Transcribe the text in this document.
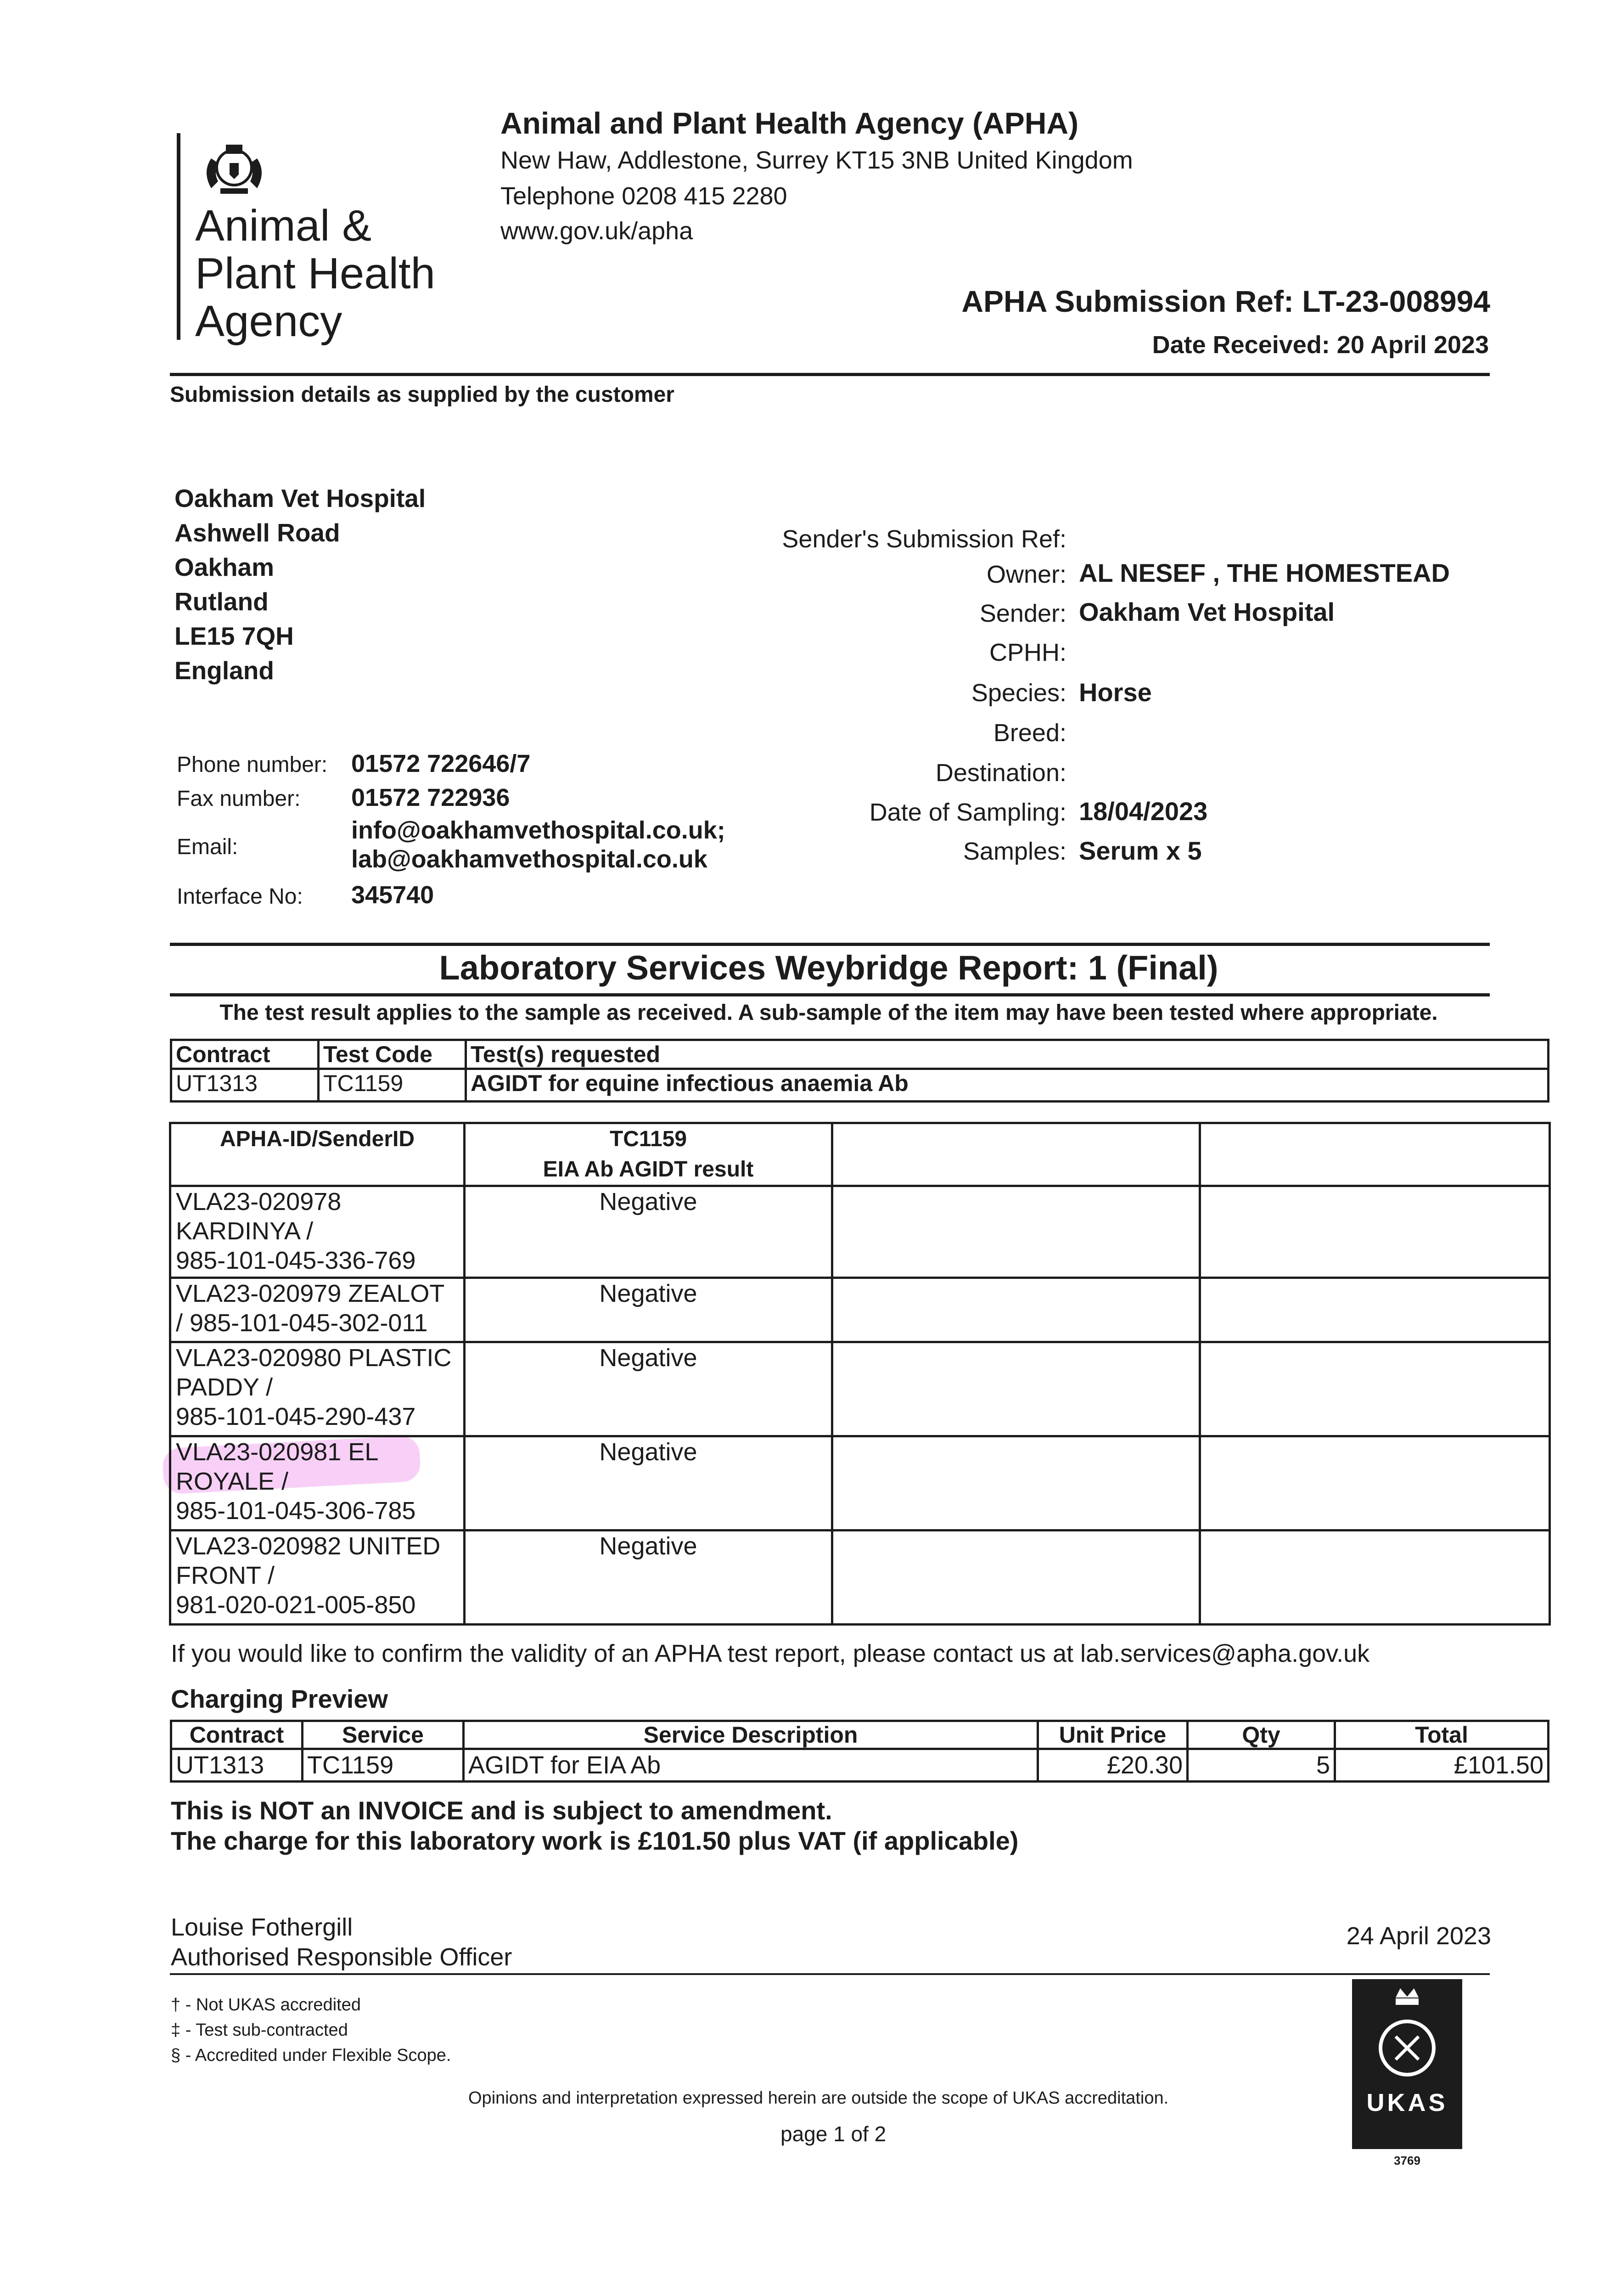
Animal &
Plant Health
Agency
Animal and Plant Health Agency (APHA)
New Haw, Addlestone, Surrey KT15 3NB United Kingdom
Telephone 0208 415 2280
www.gov.uk/apha
APHA Submission Ref: LT-23-008994
Date Received: 20 April 2023
Submission details as supplied by the customer
Oakham Vet Hospital
Ashwell Road
Oakham
Rutland
LE15 7QH
England
Phone number: 01572 722646/7
Fax number: 01572 722936
Email:
info@oakhamvethospital.co.uk;
lab@oakhamvethospital.co.uk
Interface No: 345740
Sender's Submission Ref:
Owner: AL NESEF , THE HOMESTEAD
Sender: Oakham Vet Hospital
CPHH:
Species: Horse
Breed:
Destination:
Date of Sampling: 18/04/2023
Samples: Serum x 5
Laboratory Services Weybridge Report: 1 (Final)
The test result applies to the sample as received. A sub-sample of the item may have been tested where appropriate.
Contract	Test Code	Test(s) requested
UT1313	TC1159	AGIDT for equine infectious anaemia Ab
APHA-ID/SenderID	TC1159
EIA Ab AGIDT result		

VLA23-020978
KARDINYA /
985-101-045-336-769	Negative		

VLA23-020979 ZEALOT
/ 985-101-045-302-011	Negative		

VLA23-020980 PLASTIC
PADDY /
985-101-045-290-437	Negative		

VLA23-020981 EL
ROYALE /
985-101-045-306-785	Negative		

VLA23-020982 UNITED
FRONT /
981-020-021-005-850	Negative		
If you would like to confirm the validity of an APHA test report, please contact us at lab.services@apha.gov.uk
Charging Preview
Contract	Service	Service Description	Unit Price	Qty	Total
UT1313	TC1159	AGIDT for EIA Ab	£20.30	5	£101.50
This is NOT an INVOICE and is subject to amendment.
The charge for this laboratory work is £101.50 plus VAT (if applicable)
Louise Fothergill
Authorised Responsible Officer
24 April 2023
† - Not UKAS accredited
‡ - Test sub-contracted
§ - Accredited under Flexible Scope.
Opinions and interpretation expressed herein are outside the scope of UKAS accreditation.
page 1 of 2
UKAS
3769
